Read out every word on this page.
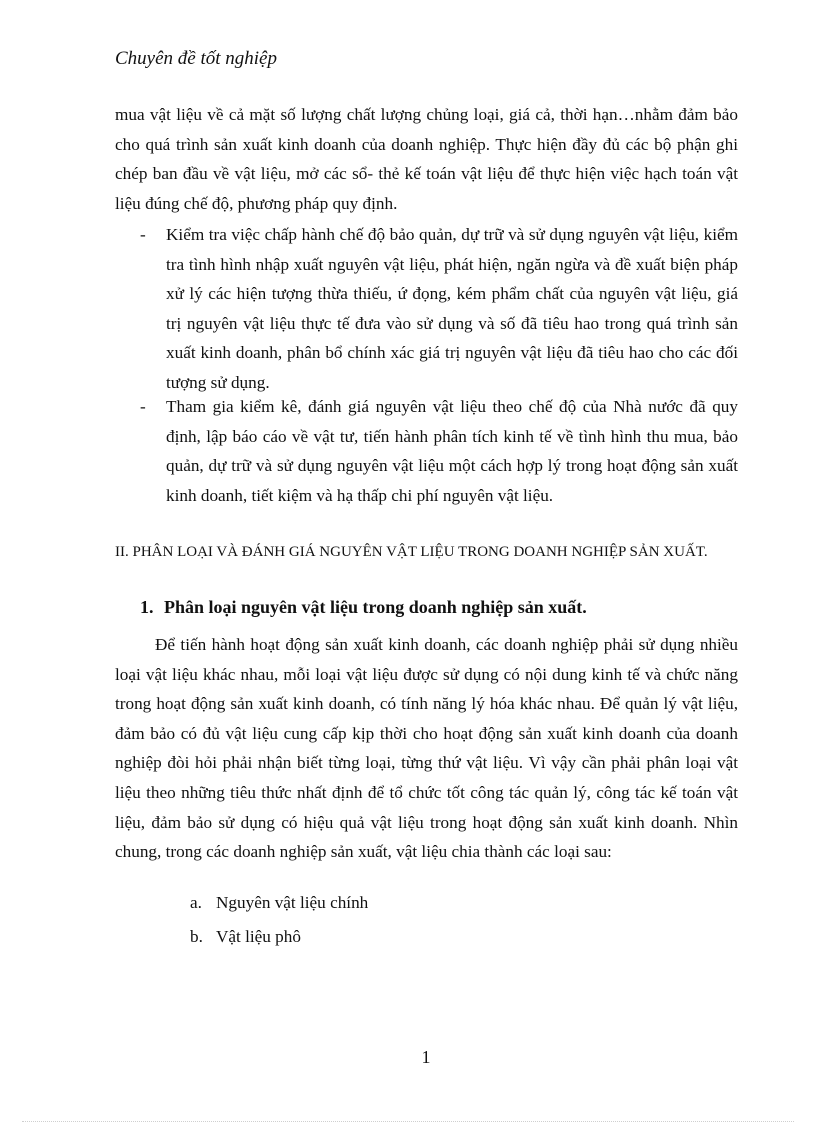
Chuyên đề tốt nghiệp

mua vật liệu về cả mặt số lượng chất lượng chủng loại, giá cả, thời hạn…nhằm đảm bảo cho quá trình sản xuất kinh doanh của doanh nghiệp. Thực hiện đầy đủ các bộ phận ghi chép ban đầu về vật liệu, mở các sổ- thẻ kế toán vật liệu để thực hiện việc hạch toán vật liệu đúng chế độ, phương pháp quy định.

- Kiểm tra việc chấp hành chế độ bảo quản, dự trữ và sử dụng nguyên vật liệu, kiểm tra tình hình nhập xuất nguyên vật liệu, phát hiện, ngăn ngừa và đề xuất biện pháp xử lý các hiện tượng thừa thiếu, ứ đọng, kém phẩm chất của nguyên vật liệu, giá trị nguyên vật liệu thực tế đưa vào sử dụng và số đã tiêu hao trong quá trình sản xuất kinh doanh, phân bổ chính xác giá trị nguyên vật liệu đã tiêu hao cho các đối tượng sử dụng.
- Tham gia kiểm kê, đánh giá nguyên vật liệu theo chế độ của Nhà nước đã quy định, lập báo cáo về vật tư, tiến hành phân tích kinh tế về tình hình thu mua, bảo quản, dự trữ và sử dụng nguyên vật liệu một cách hợp lý trong hoạt động sản xuất kinh doanh, tiết kiệm và hạ thấp chi phí nguyên vật liệu.

II. PHÂN LOẠI VÀ ĐÁNH GIÁ NGUYÊN VẬT LIỆU TRONG DOANH NGHIỆP SẢN XUẤT.

1. Phân loại nguyên vật liệu trong doanh nghiệp sản xuất.

Để tiến hành hoạt động sản xuất kinh doanh, các doanh nghiệp phải sử dụng nhiều loại vật liệu khác nhau, mỗi loại vật liệu được sử dụng có nội dung kinh tế và chức năng trong hoạt động sản xuất kinh doanh, có tính năng lý hóa khác nhau. Để quản lý vật liệu, đảm bảo có đủ vật liệu cung cấp kịp thời cho hoạt động sản xuất kinh doanh của doanh nghiệp đòi hỏi phải nhận biết từng loại, từng thứ vật liệu. Vì vậy cần phải phân loại vật liệu theo những tiêu thức nhất định để tổ chức tốt công tác quản lý, công tác kế toán vật liệu, đảm bảo sử dụng có hiệu quả vật liệu trong hoạt động sản xuất kinh doanh. Nhìn chung, trong các doanh nghiệp sản xuất, vật liệu chia thành các loại sau:

a. Nguyên vật liệu chính

b. Vật liệu phô

1
